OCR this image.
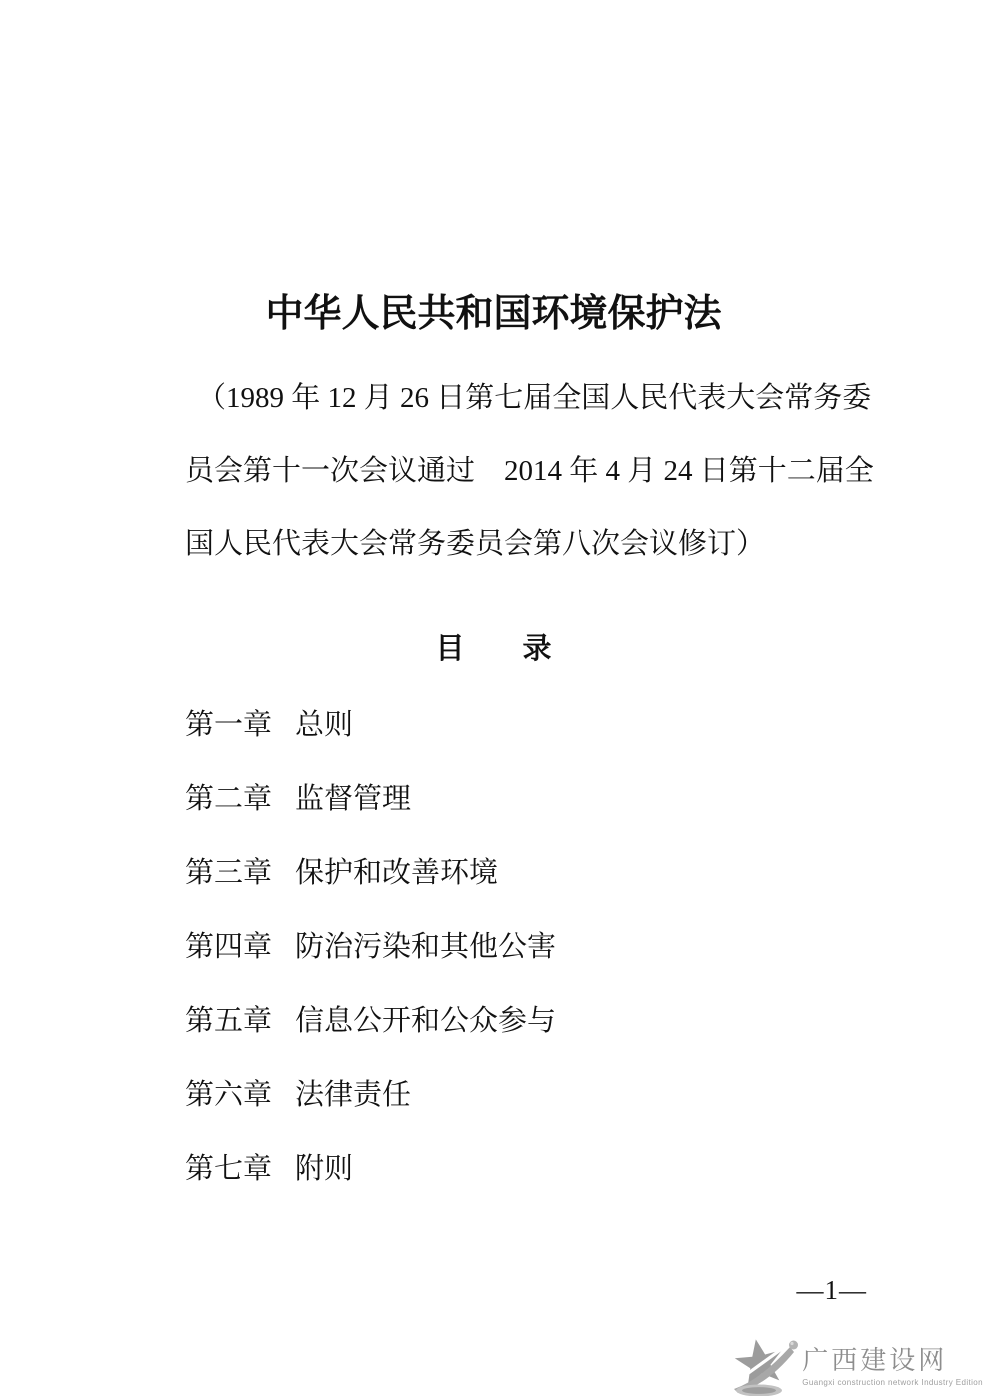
中华人民共和国环境保护法
（1989 年 12 月 26 日第七届全国人民代表大会常务委
员会第十一次会议通过　2014 年 4 月 24 日第十二届全
国人民代表大会常务委员会第八次会议修订）
目　　录
第一章 总则
第二章 监督管理
第三章 保护和改善环境
第四章 防治污染和其他公害
第五章 信息公开和公众参与
第六章 法律责任
第七章 附则
—1—
广西建设网
Guangxi construction network Industry Edition
